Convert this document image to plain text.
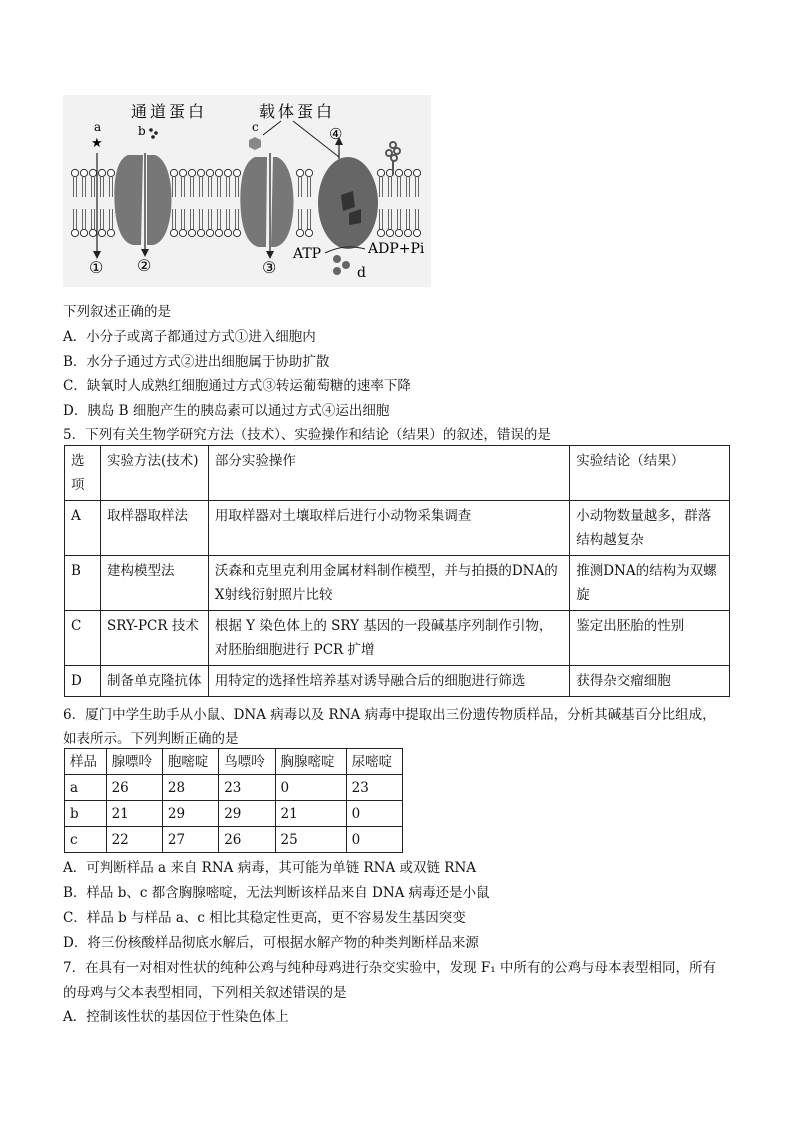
a
★
b	c
通道蛋白	载体蛋白
④
① ②	③
ATP	ADP+Pi
d
下列叙述正确的是
A．小分子或离子都通过方式①进入细胞内
B．水分子通过方式②进出细胞属于协助扩散
C．缺氧时人成熟红细胞通过方式③转运葡萄糖的速率下降
D．胰岛 B 细胞产生的胰岛素可以通过方式④运出细胞
5．下列有关生物学研究方法（技术）、实验操作和结论（结果）的叙述，错误的是
选项	实验方法(技术)	部分实验操作	实验结论（结果）
A	取样器取样法	用取样器对土壤取样后进行小动物采集调查	小动物数量越多，群落结构越复杂
B	建构模型法	沃森和克里克利用金属材料制作模型，并与拍摄的DNA的X射线衍射照片比较	推测DNA的结构为双螺旋
C	SRY-PCR 技术	根据 Y 染色体上的 SRY 基因的一段碱基序列制作引物，对胚胎细胞进行 PCR 扩增	鉴定出胚胎的性别
D	制备单克隆抗体	用特定的选择性培养基对诱导融合后的细胞进行筛选	获得杂交瘤细胞
6．厦门中学生助手从小鼠、DNA 病毒以及 RNA 病毒中提取出三份遗传物质样品，分析其碱基百分比组成，
如表所示。下列判断正确的是
样品	腺嘌呤	胞嘧啶	鸟嘌呤	胸腺嘧啶	尿嘧啶
a	26	28	23	0	23
b	21	29	29	21	0
c	22	27	26	25	0
A．可判断样品 a 来自 RNA 病毒，其可能为单链 RNA 或双链 RNA
B．样品 b、c 都含胸腺嘧啶，无法判断该样品来自 DNA 病毒还是小鼠
C．样品 b 与样品 a、c 相比其稳定性更高，更不容易发生基因突变
D．将三份核酸样品彻底水解后，可根据水解产物的种类判断样品来源
7．在具有一对相对性状的纯种公鸡与纯种母鸡进行杂交实验中，发现 F₁ 中所有的公鸡与母本表型相同，所有
的母鸡与父本表型相同，下列相关叙述错误的是
A．控制该性状的基因位于性染色体上
